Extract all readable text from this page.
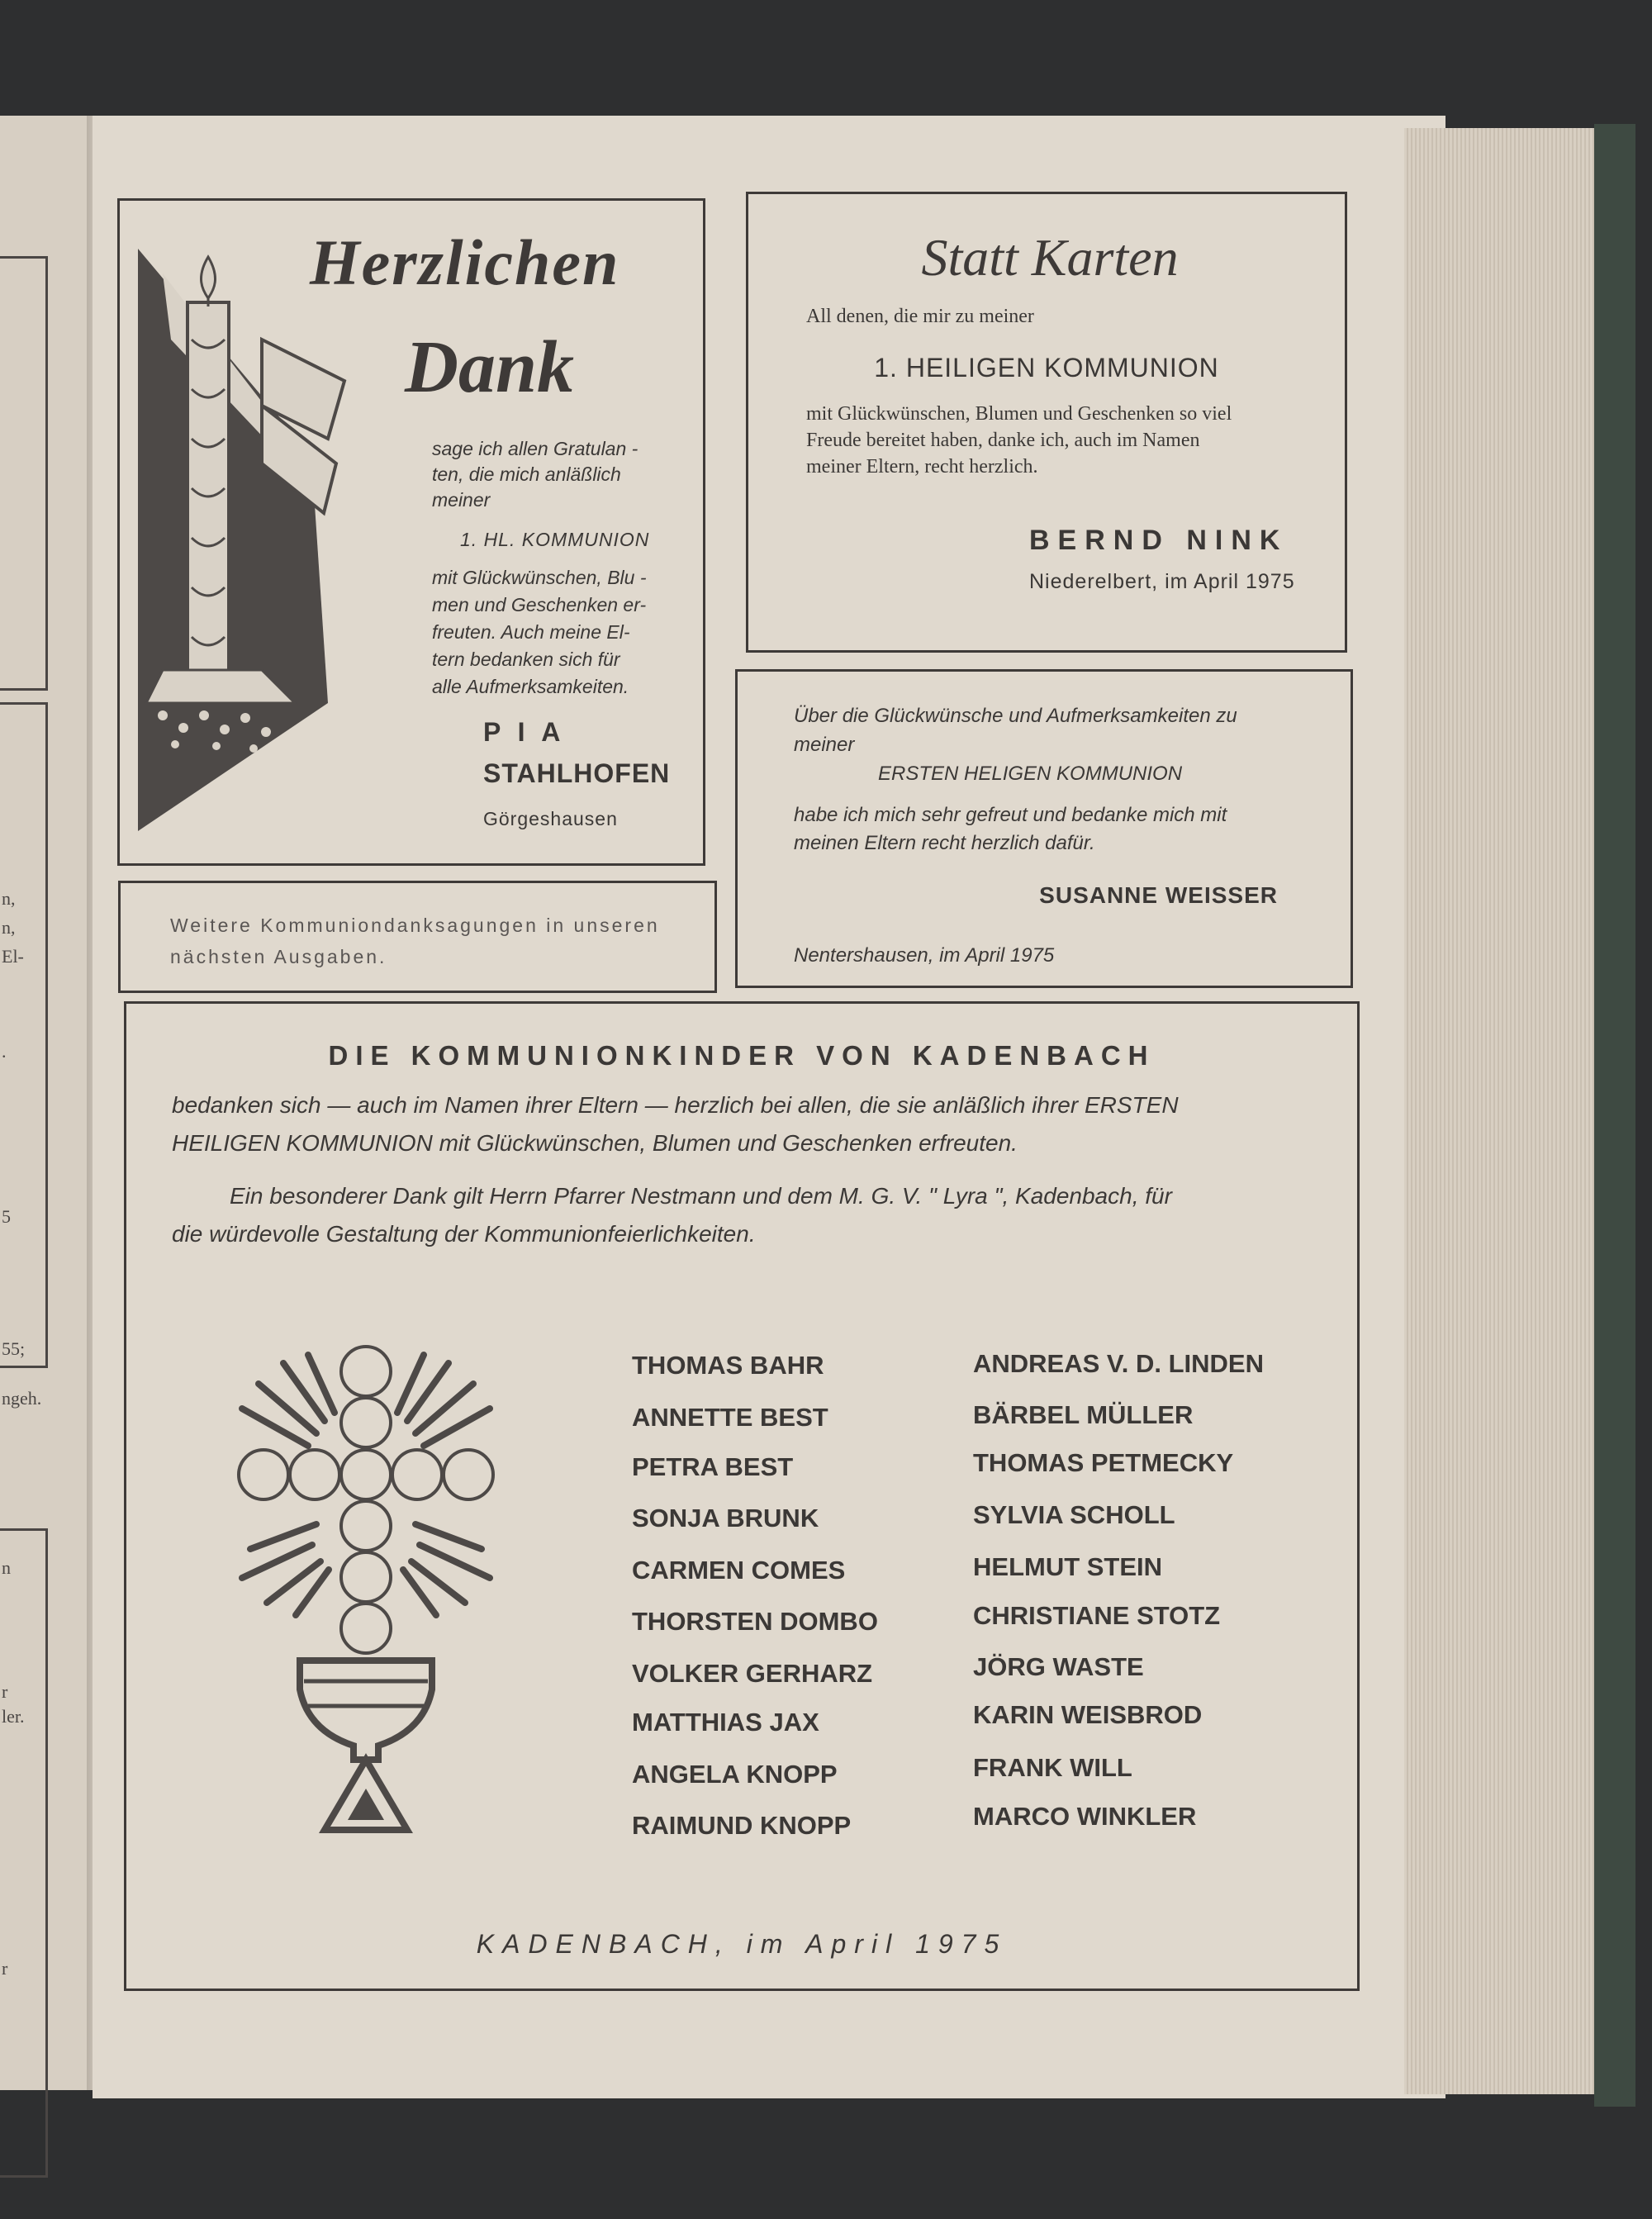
n,
n,
El-
.
5
55;
ngeh.
n
r
ler.
r
Herzlichen
Dank
sage ich allen Gratulan -
ten, die mich anläßlich
meiner
1. HL. KOMMUNION
mit Glückwünschen, Blu -
men und Geschenken er-
freuten. Auch meine El-
tern bedanken sich für
alle Aufmerksamkeiten.
P I A
STAHLHOFEN
Görgeshausen
Statt Karten
All denen, die mir zu meiner
1. HEILIGEN KOMMUNION
mit Glückwünschen, Blumen und Geschenken so viel
Freude bereitet haben, danke ich, auch im Namen
meiner Eltern, recht herzlich.
BERND NINK
Niederelbert, im April 1975
Weitere Kommuniondanksagungen in unseren
nächsten Ausgaben.
Über die Glückwünsche und Aufmerksamkeiten zu
meiner
ERSTEN HELIGEN KOMMUNION
habe ich mich sehr gefreut und bedanke mich mit
meinen Eltern recht herzlich dafür.
SUSANNE WEISSER
Nentershausen, im April 1975
DIE KOMMUNIONKINDER VON KADENBACH
bedanken sich — auch im Namen ihrer Eltern — herzlich bei allen, die sie anläßlich ihrer ERSTEN
HEILIGEN KOMMUNION mit Glückwünschen, Blumen und Geschenken erfreuten.
Ein besonderer Dank gilt Herrn Pfarrer Nestmann und dem M. G. V. " Lyra ", Kadenbach, für
die würdevolle Gestaltung der Kommunionfeierlichkeiten.
THOMAS BAHR
ANNETTE BEST
PETRA BEST
SONJA BRUNK
CARMEN COMES
THORSTEN DOMBO
VOLKER GERHARZ
MATTHIAS JAX
ANGELA KNOPP
RAIMUND KNOPP
ANDREAS V. D. LINDEN
BÄRBEL MÜLLER
THOMAS PETMECKY
SYLVIA SCHOLL
HELMUT STEIN
CHRISTIANE STOTZ
JÖRG WASTE
KARIN WEISBROD
FRANK WILL
MARCO WINKLER
KADENBACH, im April 1975
